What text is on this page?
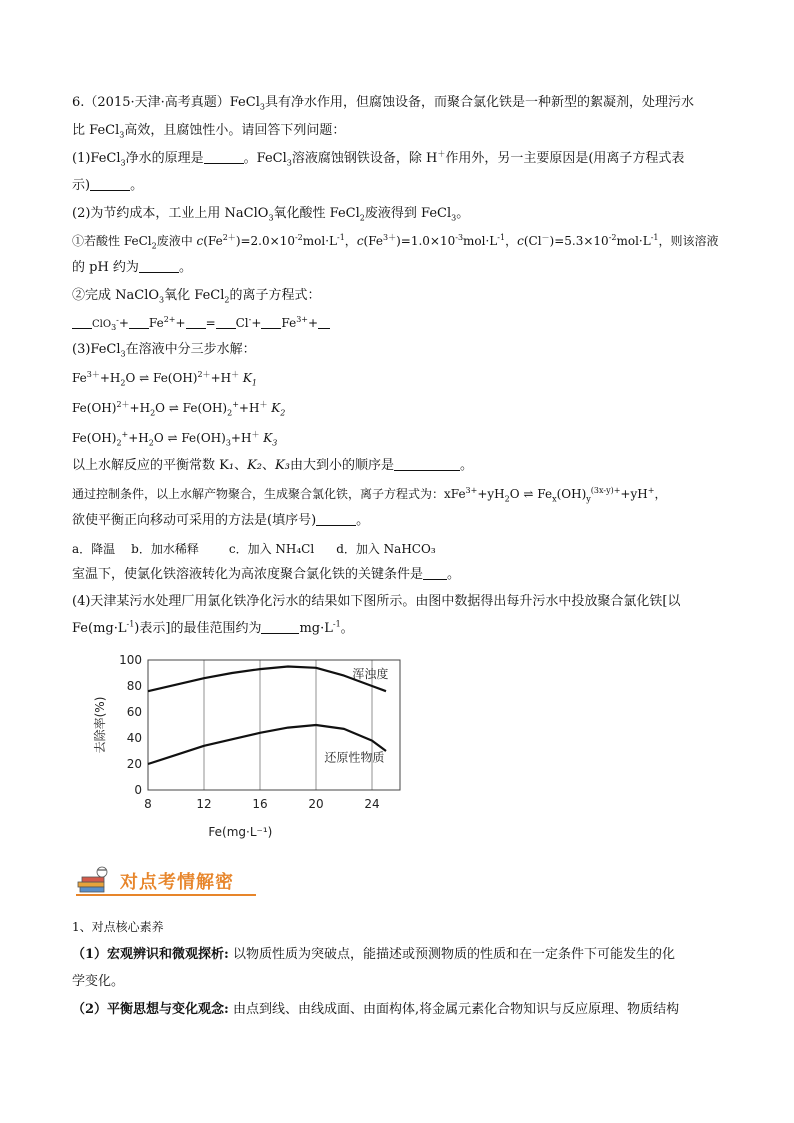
6.（2015·天津·高考真题）FeCl$_3$具有净水作用，但腐蚀设备，而聚合氯化铁是一种新型的絮凝剂，处理污水
比 FeCl$_3$高效，且腐蚀性小。请回答下列问题：
(1)FeCl$_3$净水的原理是	。FeCl$_3$溶液腐蚀钢铁设备，除 H＋作用外，另一主要原因是(用离子方程式表
示)	。
(2)为节约成本，工业上用 NaClO$_3$氧化酸性 FeCl$_2$废液得到 FeCl$_3$。
①若酸性 FeCl$_2$废液中 $c(Fe^{2+})=2.0\times 10^{-2}mol\cdot L^{-1}$，$c(Fe^{3+})=1.0\times 10^{-3}mol\cdot L^{-1}$，$c(Cl^-)=5.3\times 10^{-2}mol\cdot L^{-1}$，则该溶液
的 pH 约为	。
②完成 NaClO$_3$氧化 FeCl$_2$的离子方程式：
$ClO_3^-+ Fe^{2+}+ = Cl^-+ Fe^{3+}+$
(3)FeCl$_3$在溶液中分三步水解：
$Fe^{3+}+H_2O$ ⇌ Fe(OH)$^{2+}$+H＋ $K_1$
$Fe(OH)^{2+}+H_2O$ ⇌ $Fe(OH)_2^++H^+$ $K_2$
$Fe(OH)_2^++H_2O$ ⇌ $Fe(OH)_3+H^+$ $K_3$
以上水解反应的平衡常数 K₁、K₂、K₃由大到小的顺序是	。
通过控制条件，以上水解产物聚合，生成聚合氯化铁，离子方程式为：$xFe^{3+}+yH_2O$ ⇌ $Fe_x(OH)_y^{(3x-y)+}+yH^+$，
欲使平衡正向移动可采用的方法是(填序号)	。
a．降温 b．加水稀释	c．加入 NH₄Cl d．加入 NaHCO₃
室温下，使氯化铁溶液转化为高浓度聚合氯化铁的关键条件是 。
(4)天津某污水处理厂用氯化铁净化污水的结果如下图所示。由图中数据得出每升污水中投放聚合氯化铁[以
$Fe(mg\cdot L^{-1})$表示]的最佳范围约为	$mg\cdot L^{-1}$。
8	12	16	20	24
0
20
40
60
80
100
浑浊度
还原性物质
Fe(mg·L⁻¹)
去除率(%)
对点考情解密
1、对点核心素养
（1）宏观辨识和微观探析: 以物质性质为突破点，能描述或预测物质的性质和在一定条件下可能发生的化
学变化。
（2）平衡思想与变化观念: 由点到线、由线成面、由面构体,将金属元素化合物知识与反应原理、物质结构
